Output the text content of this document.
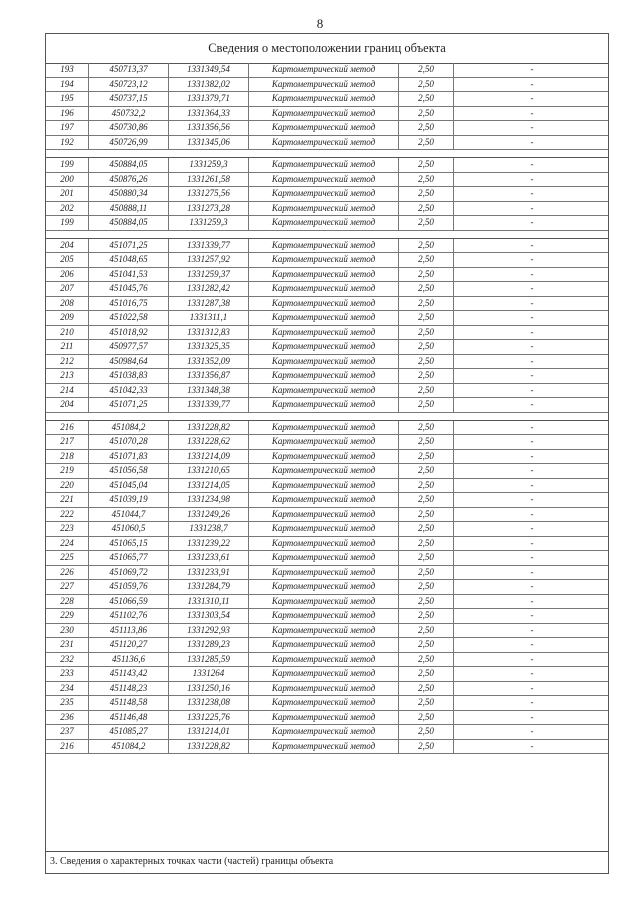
8
Сведения о местоположении границ объекта
3. Сведения о характерных точках части (частей) границы объекта
193	450713,37	1331349,54	Картометрический метод	2,50	-
194	450723,12	1331382,02	Картометрический метод	2,50	-
195	450737,15	1331379,71	Картометрический метод	2,50	-
196	450732,2	1331364,33	Картометрический метод	2,50	-
197	450730,86	1331356,56	Картометрический метод	2,50	-
192	450726,99	1331345,06	Картометрический метод	2,50	-
199	450884,05	1331259,3	Картометрический метод	2,50	-
200	450876,26	1331261,58	Картометрический метод	2,50	-
201	450880,34	1331275,56	Картометрический метод	2,50	-
202	450888,11	1331273,28	Картометрический метод	2,50	-
199	450884,05	1331259,3	Картометрический метод	2,50	-
204	451071,25	1331339,77	Картометрический метод	2,50	-
205	451048,65	1331257,92	Картометрический метод	2,50	-
206	451041,53	1331259,37	Картометрический метод	2,50	-
207	451045,76	1331282,42	Картометрический метод	2,50	-
208	451016,75	1331287,38	Картометрический метод	2,50	-
209	451022,58	1331311,1	Картометрический метод	2,50	-
210	451018,92	1331312,83	Картометрический метод	2,50	-
211	450977,57	1331325,35	Картометрический метод	2,50	-
212	450984,64	1331352,09	Картометрический метод	2,50	-
213	451038,83	1331356,87	Картометрический метод	2,50	-
214	451042,33	1331348,38	Картометрический метод	2,50	-
204	451071,25	1331339,77	Картометрический метод	2,50	-
216	451084,2	1331228,82	Картометрический метод	2,50	-
217	451070,28	1331228,62	Картометрический метод	2,50	-
218	451071,83	1331214,09	Картометрический метод	2,50	-
219	451056,58	1331210,65	Картометрический метод	2,50	-
220	451045,04	1331214,05	Картометрический метод	2,50	-
221	451039,19	1331234,98	Картометрический метод	2,50	-
222	451044,7	1331249,26	Картометрический метод	2,50	-
223	451060,5	1331238,7	Картометрический метод	2,50	-
224	451065,15	1331239,22	Картометрический метод	2,50	-
225	451065,77	1331233,61	Картометрический метод	2,50	-
226	451069,72	1331233,91	Картометрический метод	2,50	-
227	451059,76	1331284,79	Картометрический метод	2,50	-
228	451066,59	1331310,11	Картометрический метод	2,50	-
229	451102,76	1331303,54	Картометрический метод	2,50	-
230	451113,86	1331292,93	Картометрический метод	2,50	-
231	451120,27	1331289,23	Картометрический метод	2,50	-
232	451136,6	1331285,59	Картометрический метод	2,50	-
233	451143,42	1331264	Картометрический метод	2,50	-
234	451148,23	1331250,16	Картометрический метод	2,50	-
235	451148,58	1331238,08	Картометрический метод	2,50	-
236	451146,48	1331225,76	Картометрический метод	2,50	-
237	451085,27	1331214,01	Картометрический метод	2,50	-
216	451084,2	1331228,82	Картометрический метод	2,50	-
